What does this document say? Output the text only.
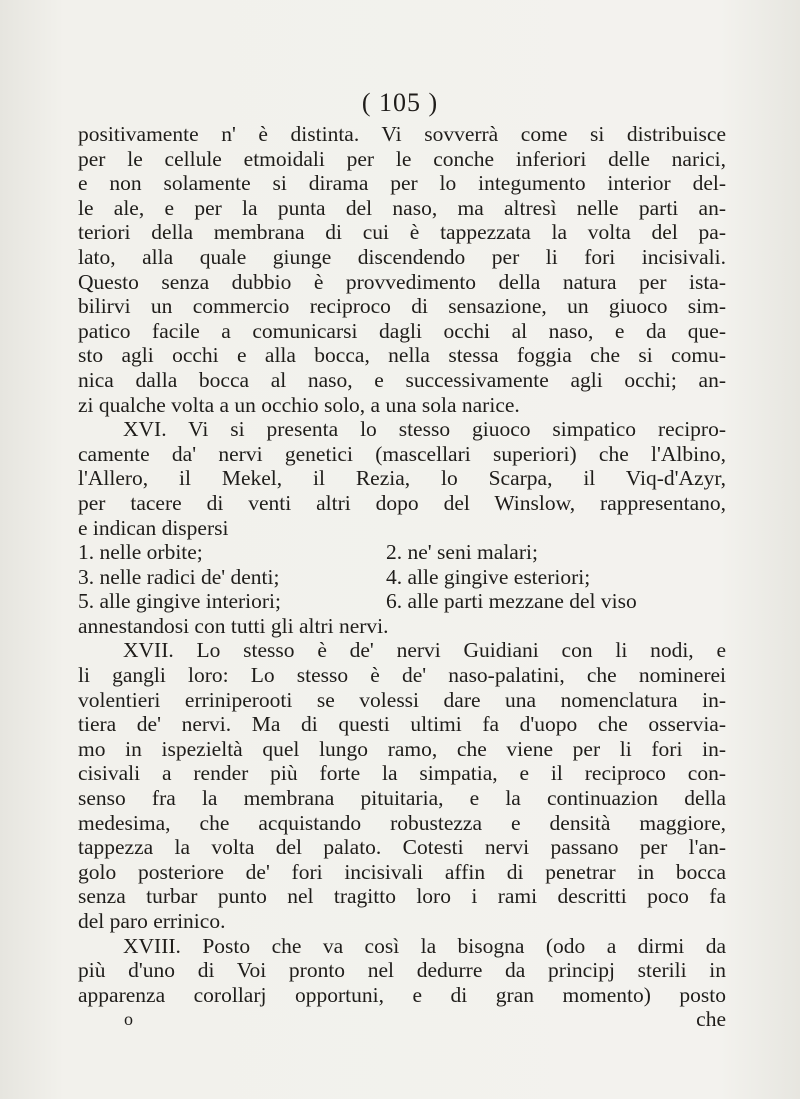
( 105 )
positivamente n' è distinta. Vi sovverrà come si distribuisce
per le cellule etmoidali per le conche inferiori delle narici,
e non solamente si dirama per lo integumento interior del-
le ale, e per la punta del naso, ma altresì nelle parti an-
teriori della membrana di cui è tappezzata la volta del pa-
lato, alla quale giunge discendendo per li fori incisivali.
Questo senza dubbio è provvedimento della natura per ista-
bilirvi un commercio reciproco di sensazione, un giuoco sim-
patico facile a comunicarsi dagli occhi al naso, e da que-
sto agli occhi e alla bocca, nella stessa foggia che si comu-
nica dalla bocca al naso, e successivamente agli occhi; an-
zi qualche volta a un occhio solo, a una sola narice.
XVI. Vi si presenta lo stesso giuoco simpatico recipro-
camente da' nervi genetici (mascellari superiori) che l'Albino,
l'Allero, il Mekel, il Rezia, lo Scarpa, il Viq-d'Azyr,
per tacere di venti altri dopo del Winslow, rappresentano,
e indican dispersi
1. nelle orbite;	2. ne' seni malari;
3. nelle radici de' denti;	4. alle gingive esteriori;
5. alle gingive interiori;	6. alle parti mezzane del viso
annestandosi con tutti gli altri nervi.
XVII. Lo stesso è de' nervi Guidiani con li nodi, e
li gangli loro: Lo stesso è de' naso-palatini, che nominerei
volentieri erriniperooti se volessi dare una nomenclatura in-
tiera de' nervi. Ma di questi ultimi fa d'uopo che osservia-
mo in ispezieltà quel lungo ramo, che viene per li fori in-
cisivali a render più forte la simpatia, e il reciproco con-
senso fra la membrana pituitaria, e la continuazion della
medesima, che acquistando robustezza e densità maggiore,
tappezza la volta del palato. Cotesti nervi passano per l'an-
golo posteriore de' fori incisivali affin di penetrar in bocca
senza turbar punto nel tragitto loro i rami descritti poco fa
del paro errinico.
XVIII. Posto che va così la bisogna (odo a dirmi da
più d'uno di Voi pronto nel dedurre da principj sterili in
apparenza corollarj opportuni, e di gran momento) posto
o	che
